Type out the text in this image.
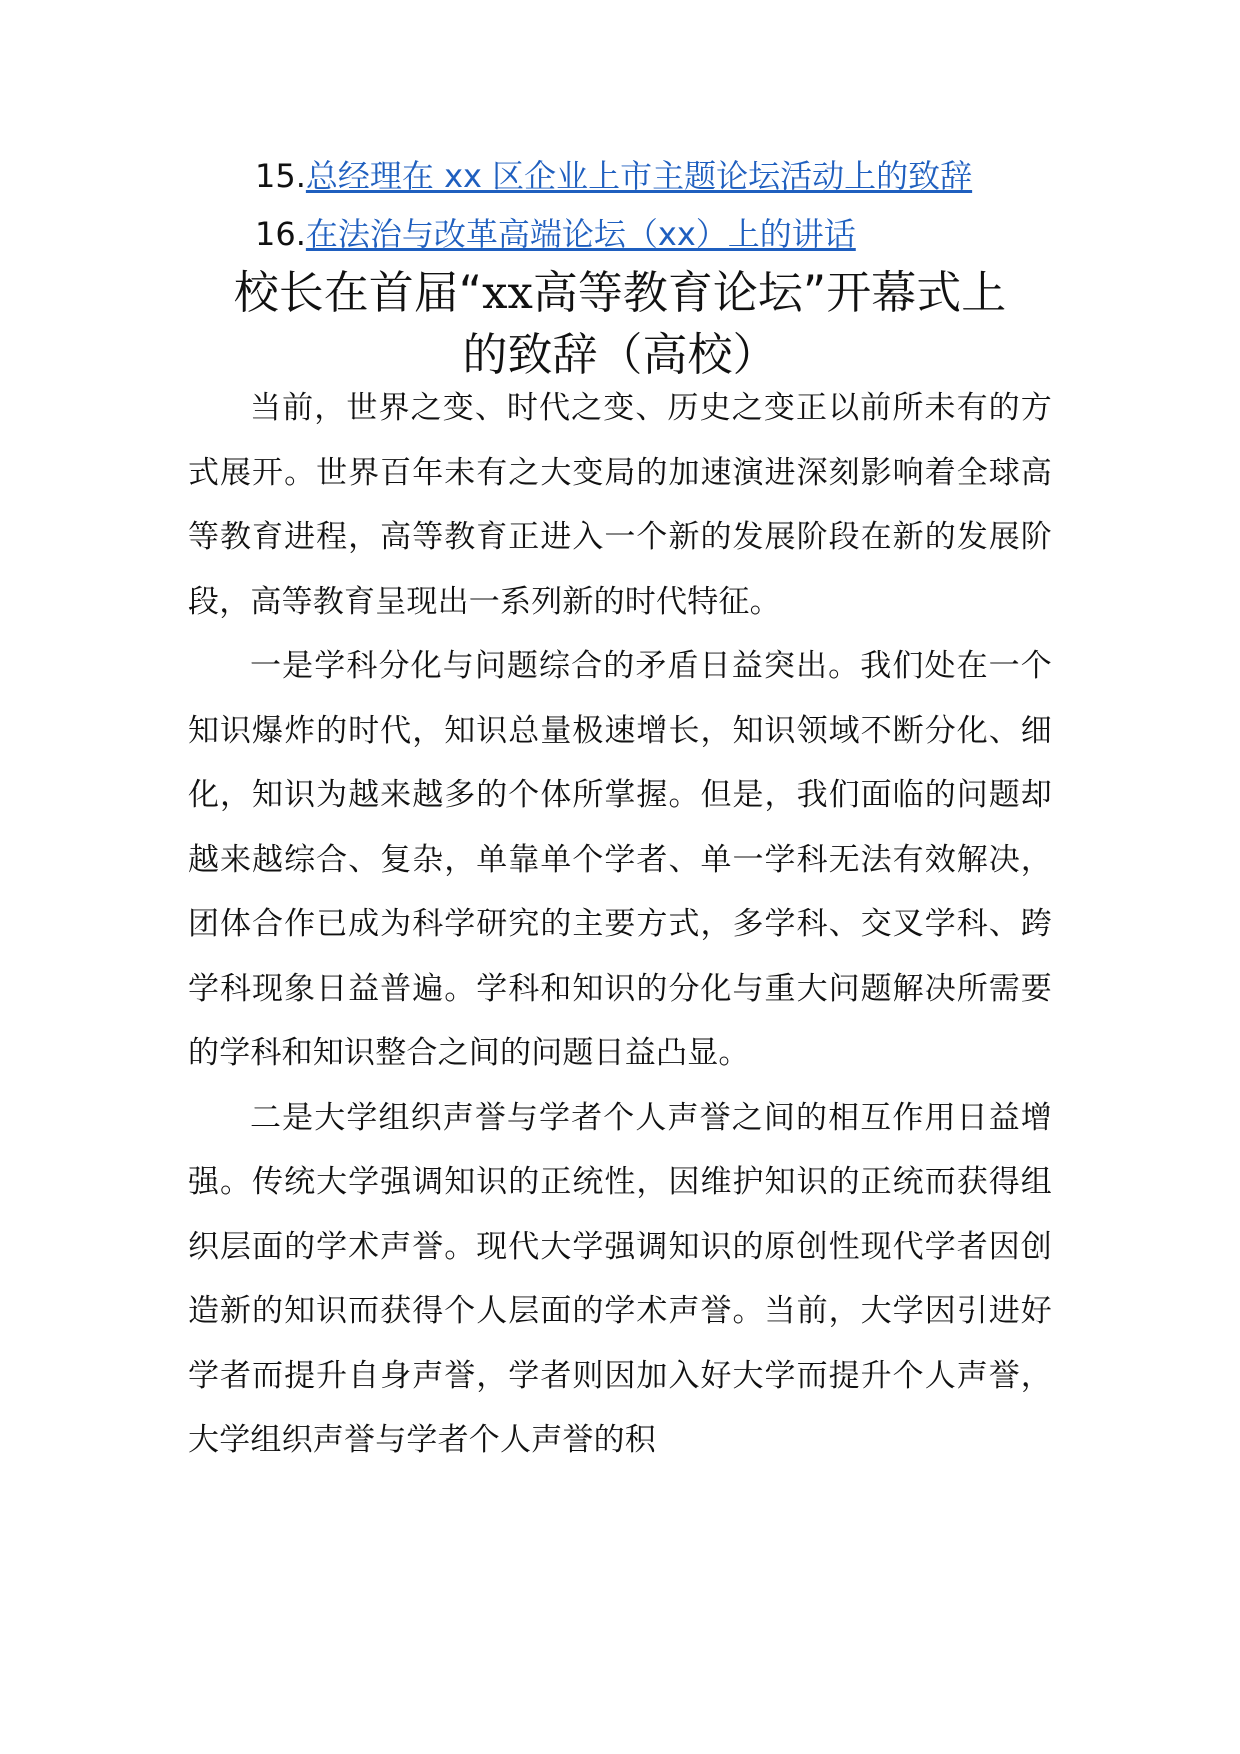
15.总经理在 xx 区企业上市主题论坛活动上的致辞
16.在法治与改革高端论坛（xx）上的讲话
校长在首届“xx高等教育论坛”开幕式上
的致辞（高校）

当前，世界之变、时代之变、历史之变正以前所未有的方式展开。世界百年未有之大变局的加速演进深刻影响着全球高等教育进程，高等教育正进入一个新的发展阶段在新的发展阶段，高等教育呈现出一系列新的时代特征。

一是学科分化与问题综合的矛盾日益突出。我们处在一个知识爆炸的时代，知识总量极速增长，知识领域不断分化、细化，知识为越来越多的个体所掌握。但是，我们面临的问题却越来越综合、复杂，单靠单个学者、单一学科无法有效解决，团体合作已成为科学研究的主要方式，多学科、交叉学科、跨学科现象日益普遍。学科和知识的分化与重大问题解决所需要的学科和知识整合之间的问题日益凸显。

二是大学组织声誉与学者个人声誉之间的相互作用日益增强。传统大学强调知识的正统性，因维护知识的正统而获得组织层面的学术声誉。现代大学强调知识的原创性现代学者因创造新的知识而获得个人层面的学术声誉。当前，大学因引进好学者而提升自身声誉，学者则因加入好大学而提升个人声誉，大学组织声誉与学者个人声誉的积
